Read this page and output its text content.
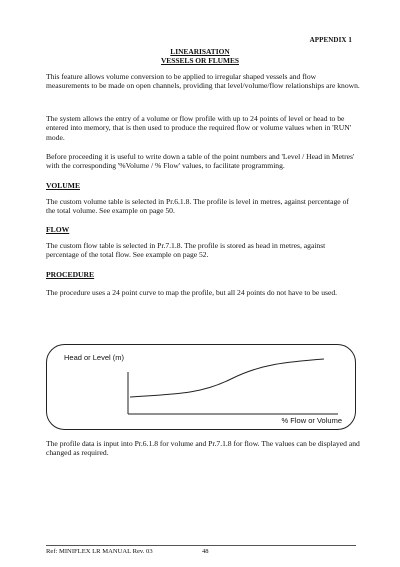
APPENDIX 1
LINEARISATION
VESSELS OR FLUMES

This feature allows volume conversion to be applied to irregular shaped vessels and flow measurements to be made on open channels, providing that level/volume/flow relationships are known.

The system allows the entry of a volume or flow profile with up to 24 points of level or head to be entered into memory, that is then used to produce the required flow or volume values when in 'RUN' mode.

Before proceeding it is useful to write down a table of the point numbers and 'Level / Head in Metres' with the corresponding '%Volume / % Flow' values, to facilitate programming.

VOLUME

The custom volume table is selected in Pr.6.1.8. The profile is level in metres, against percentage of the total volume. See example on page 50.

FLOW

The custom flow table is selected in Pr.7.1.8. The profile is stored as head in metres, against percentage of the total flow. See example on page 52.

PROCEDURE

The procedure uses a 24 point curve to map the profile, but all 24 points do not have to be used.

Head or Level (m)
% Flow or Volume

The profile data is input into Pr.6.1.8 for volume and Pr.7.1.8 for flow. The values can be displayed and changed as required.

Ref: MINIFLEX LR MANUAL Rev. 03	48
